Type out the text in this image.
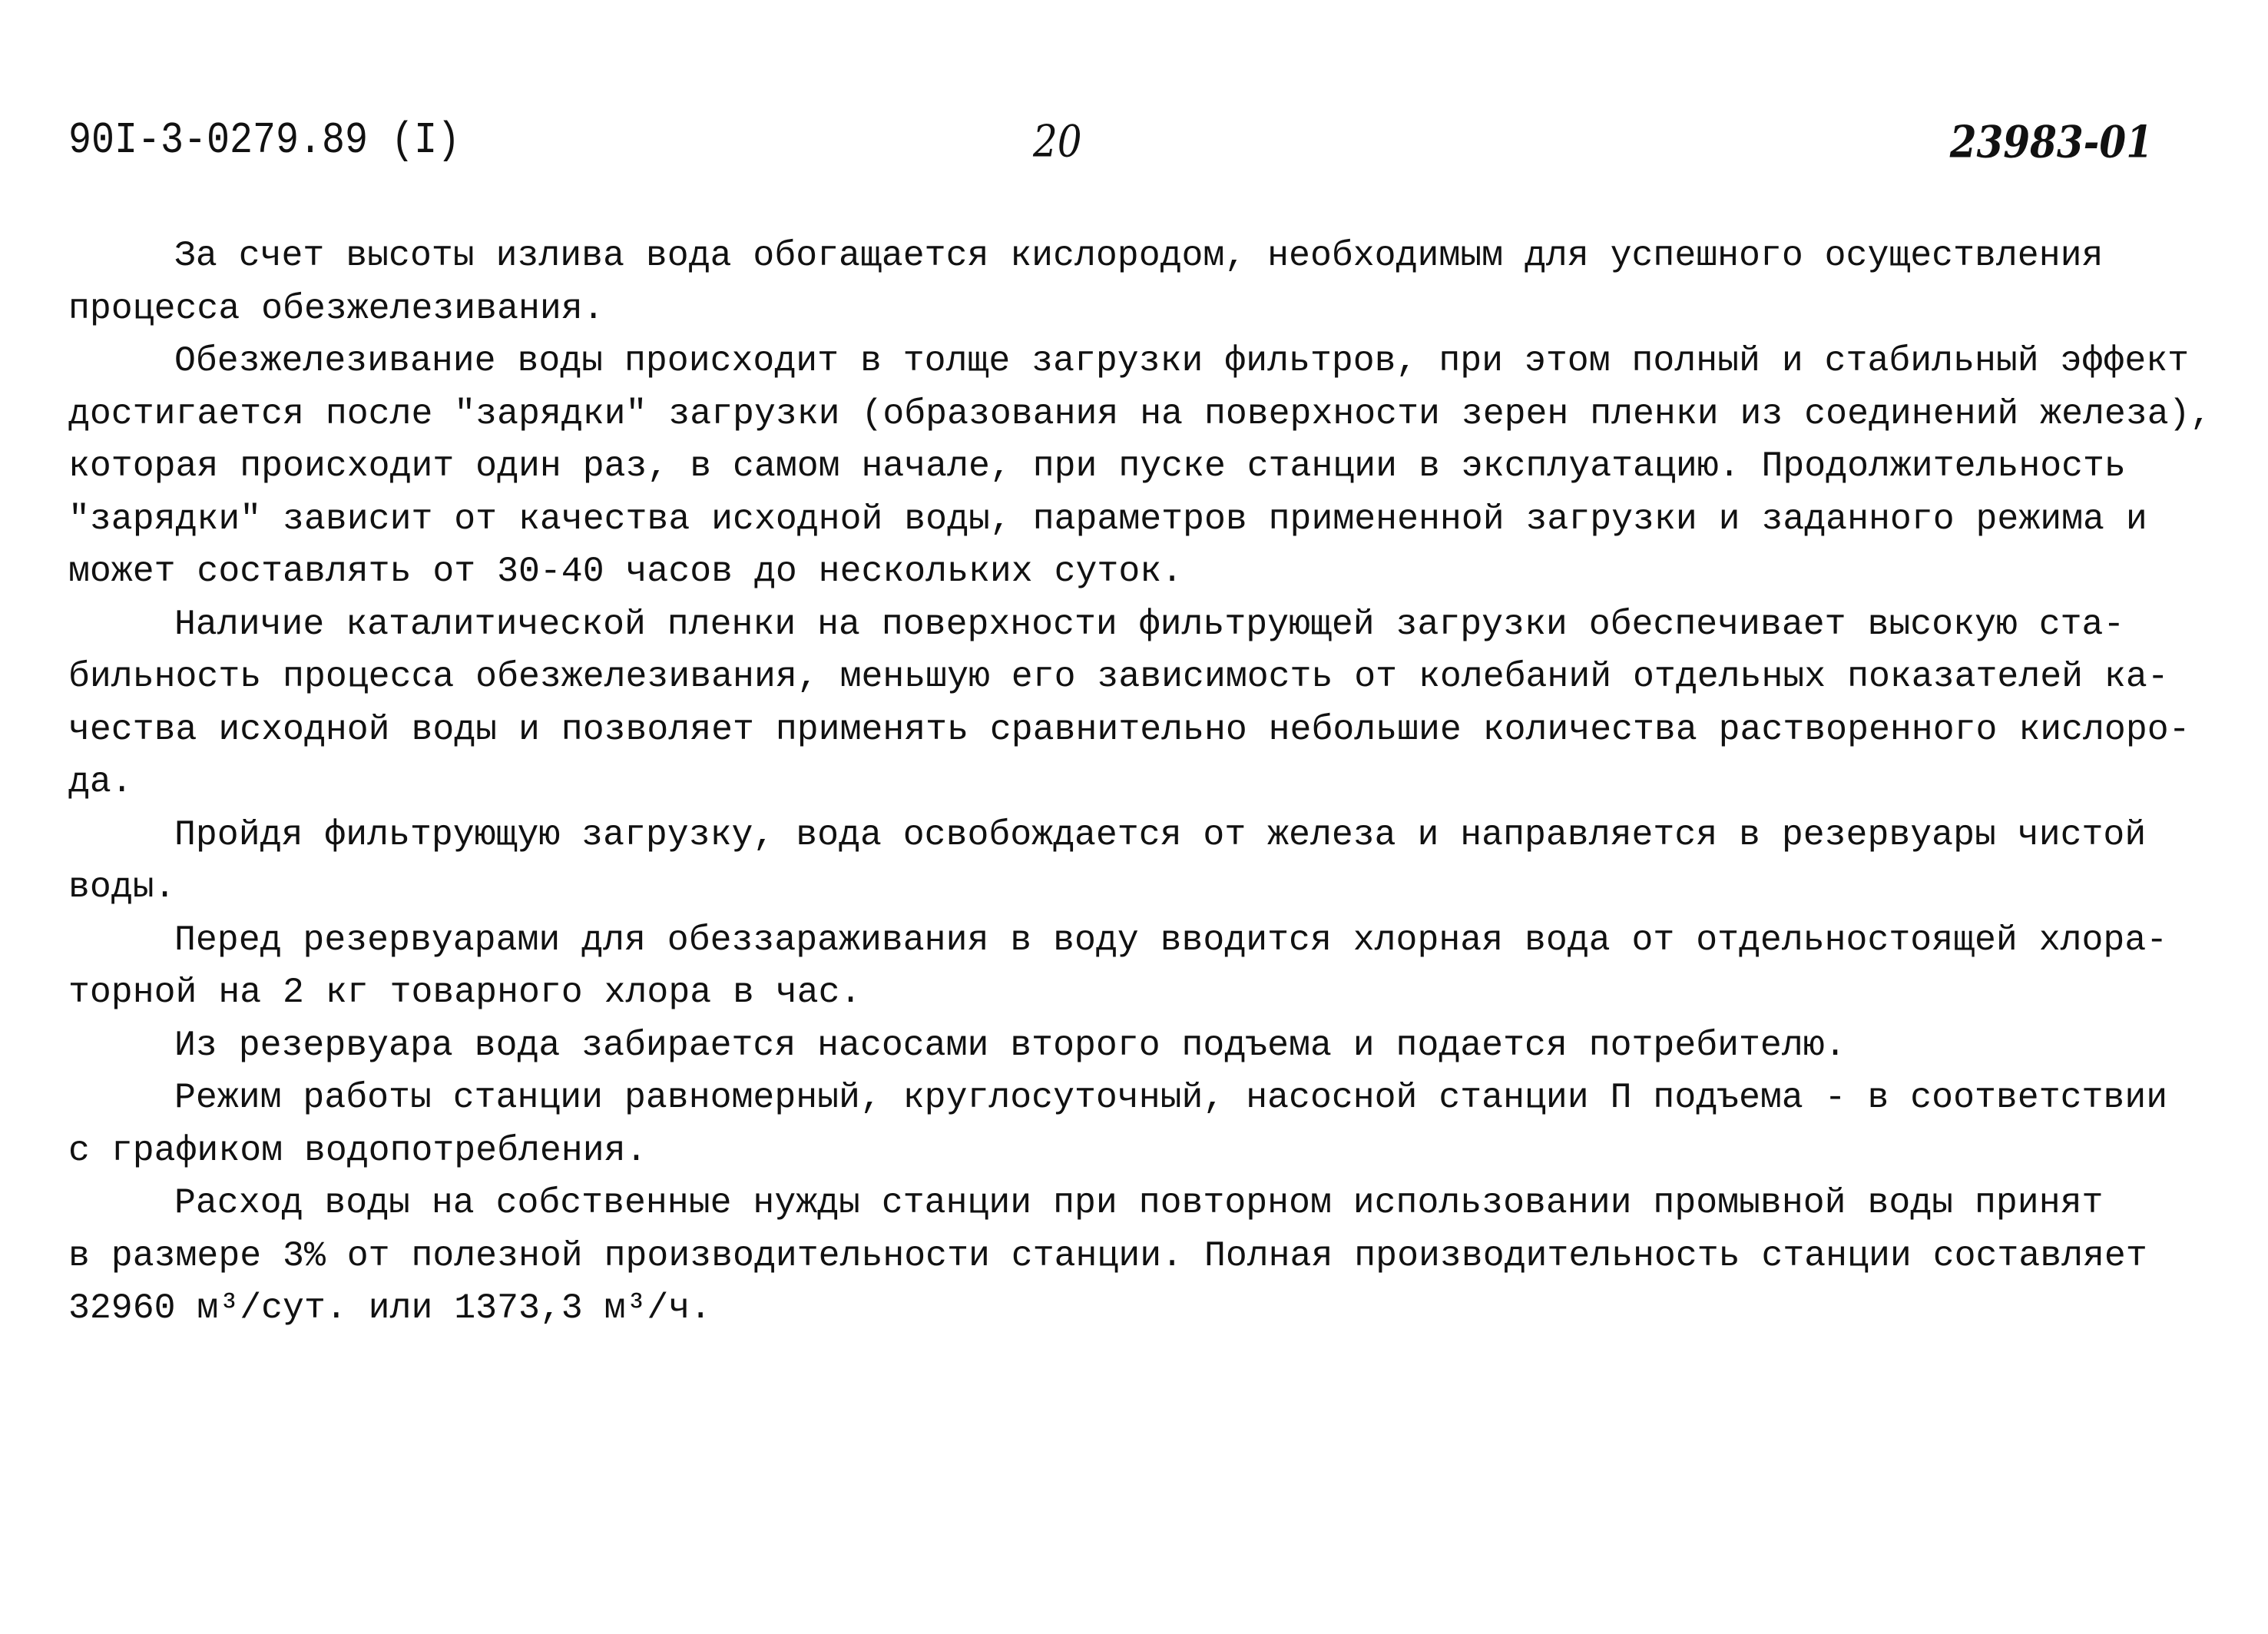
90I-3-0279.89 (I)	20	23983-01
За счет высоты излива вода обогащается кислородом, необходимым для успешного осуществления
процесса обезжелезивания.
Обезжелезивание воды происходит в толще загрузки фильтров, при этом полный и стабильный эффект
достигается после "зарядки" загрузки (образования на поверхности зерен пленки из соединений железа),
которая происходит один раз, в самом начале, при пуске станции в эксплуатацию. Продолжительность
"зарядки" зависит от качества исходной воды, параметров примененной загрузки и заданного режима и
может составлять от 30-40 часов до нескольких суток.
Наличие каталитической пленки на поверхности фильтрующей загрузки обеспечивает высокую ста-
бильность процесса обезжелезивания, меньшую его зависимость от колебаний отдельных показателей ка-
чества исходной воды и позволяет применять сравнительно небольшие количества растворенного кислоро-
да.
Пройдя фильтрующую загрузку, вода освобождается от железа и направляется в резервуары чистой
воды.
Перед резервуарами для обеззараживания в воду вводится хлорная вода от отдельностоящей хлора-
торной на 2 кг товарного хлора в час.
Из резервуара вода забирается насосами второго подъема и подается потребителю.
Режим работы станции равномерный, круглосуточный, насосной станции П подъема - в соответствии
с графиком водопотребления.
Расход воды на собственные нужды станции при повторном использовании промывной воды принят
в размере 3% от полезной производительности станции. Полная производительность станции составляет
32960 м³/сут. или 1373,3 м³/ч.
